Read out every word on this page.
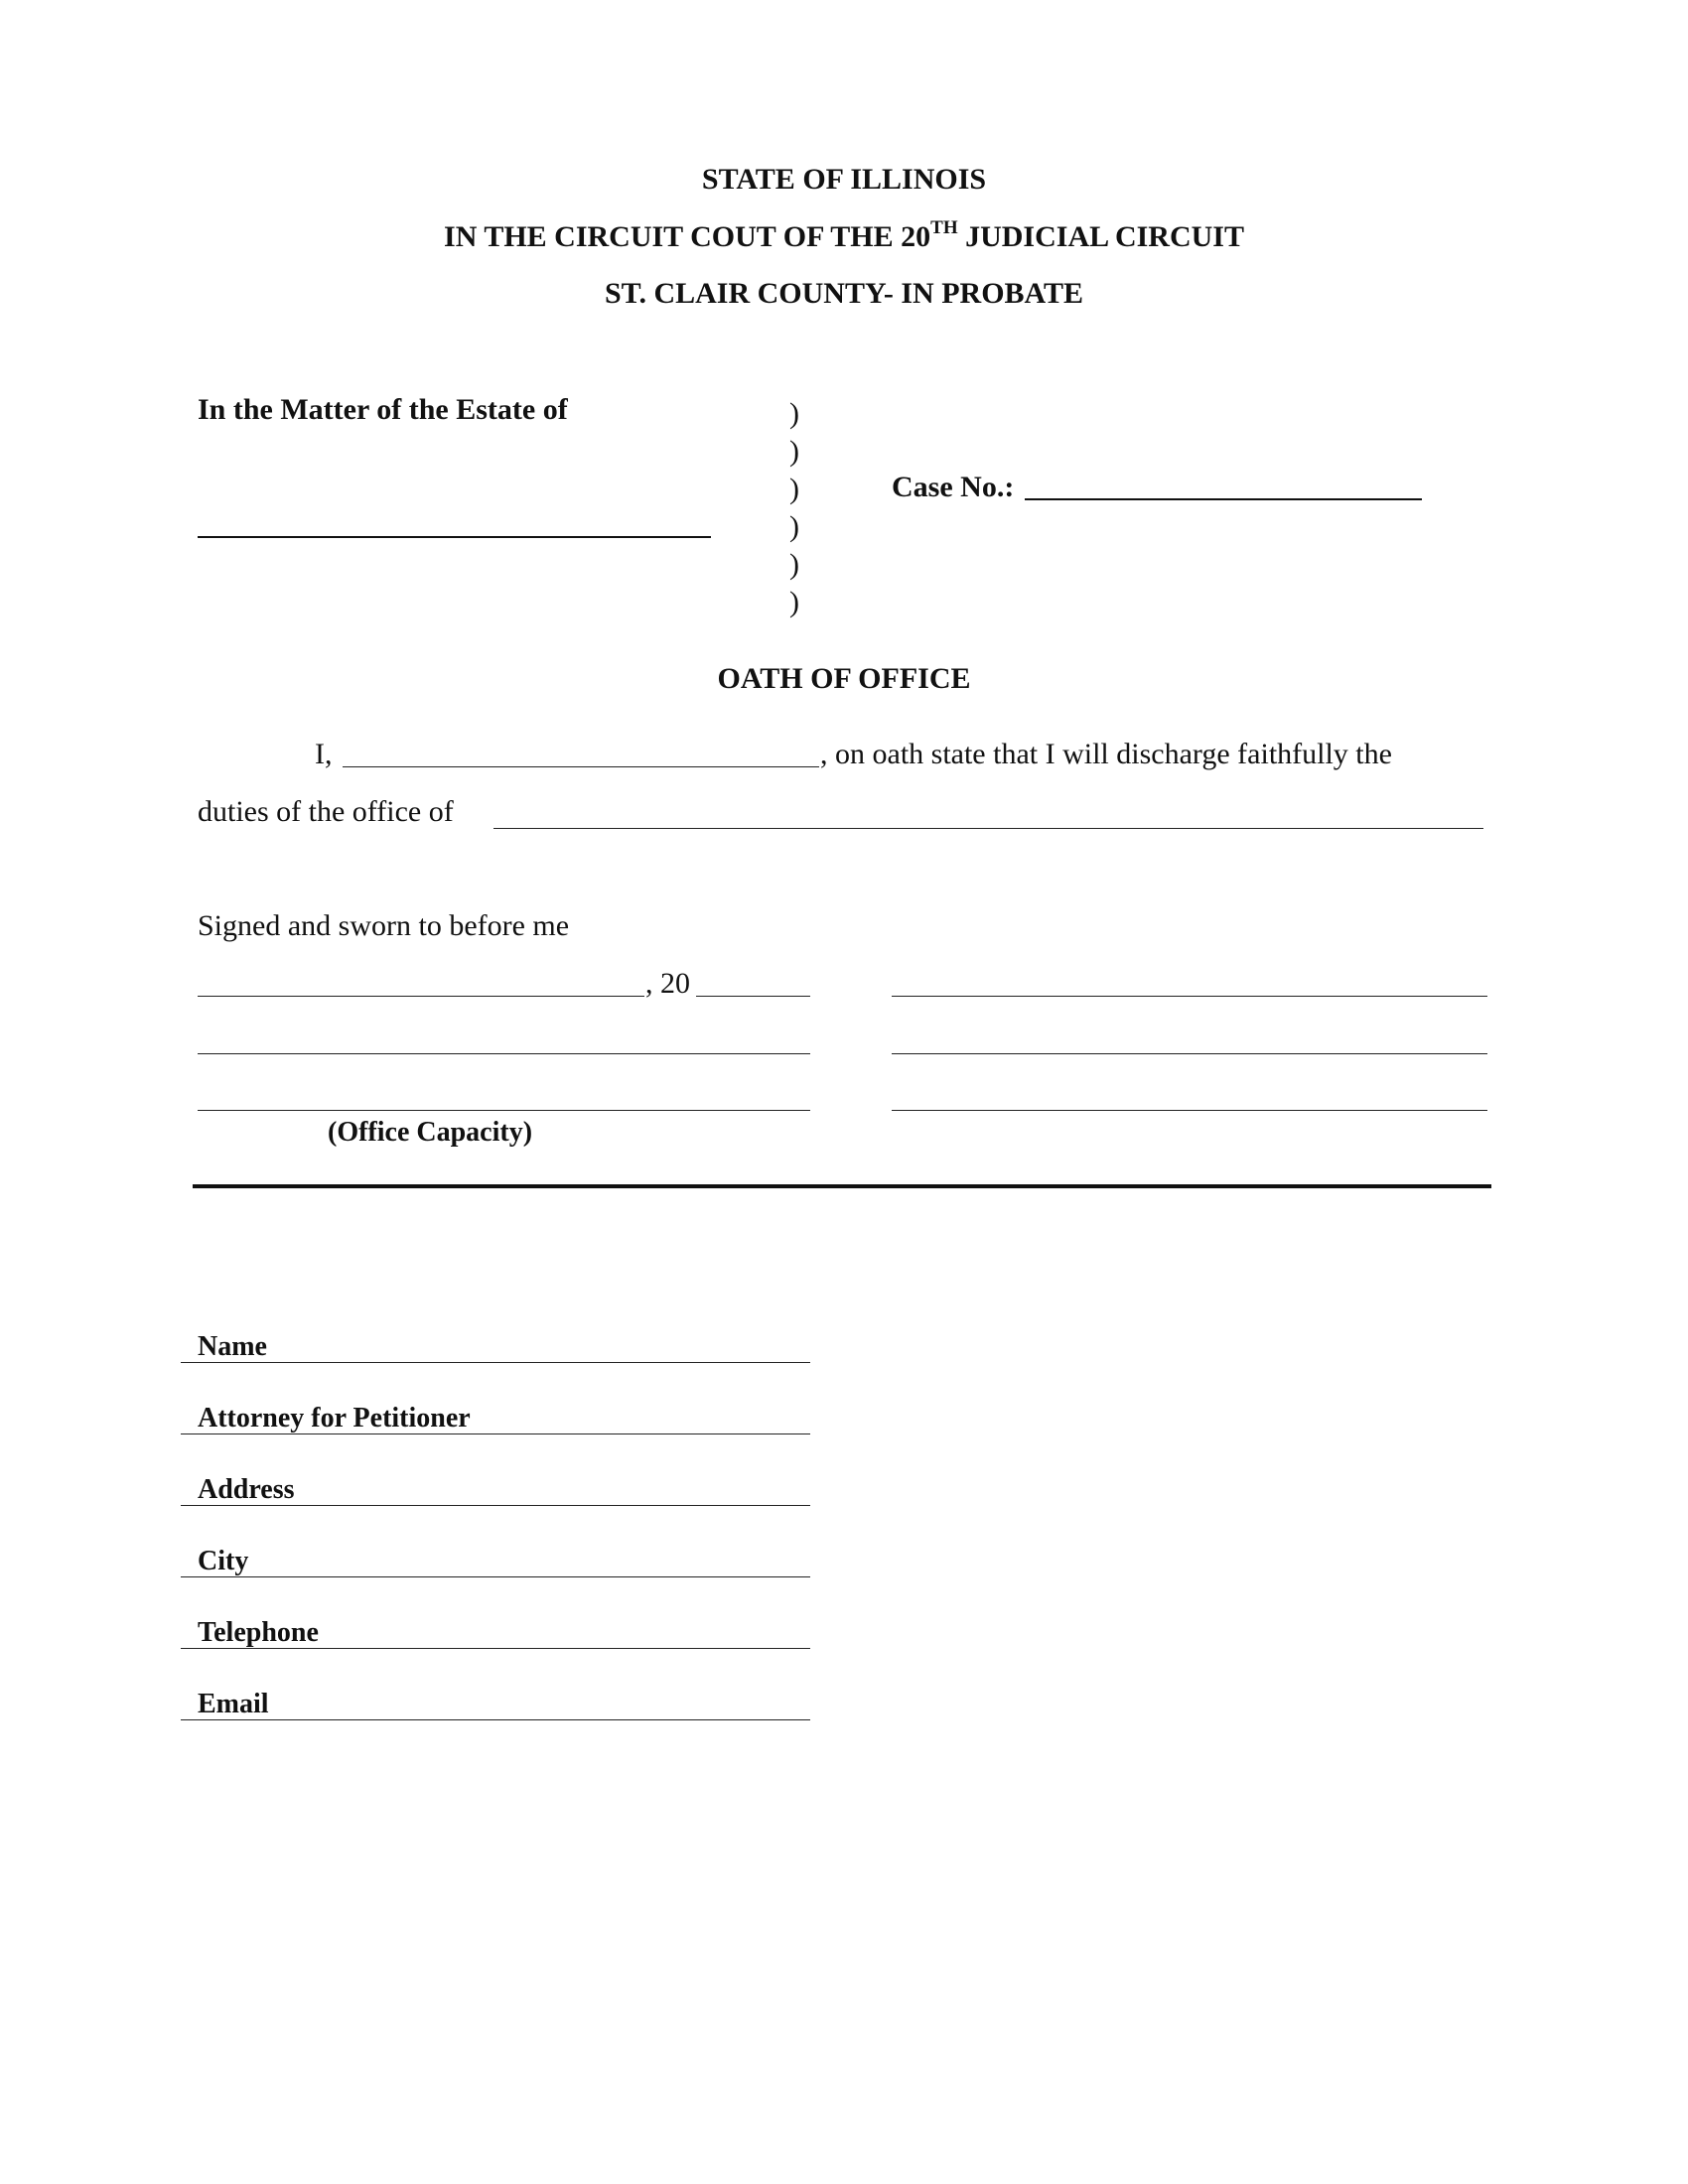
STATE OF ILLINOIS
IN THE CIRCUIT COUT OF THE 20TH JUDICIAL CIRCUIT
ST. CLAIR COUNTY- IN PROBATE
In the Matter of the Estate of	)
)
)
)
)
)
Case No.:
OATH OF OFFICE
I,	, on oath state that I will discharge faithfully the
duties of the office of
Signed and sworn to before me
, 20
(Office Capacity)
Name
Attorney for Petitioner
Address
City
Telephone
Email
